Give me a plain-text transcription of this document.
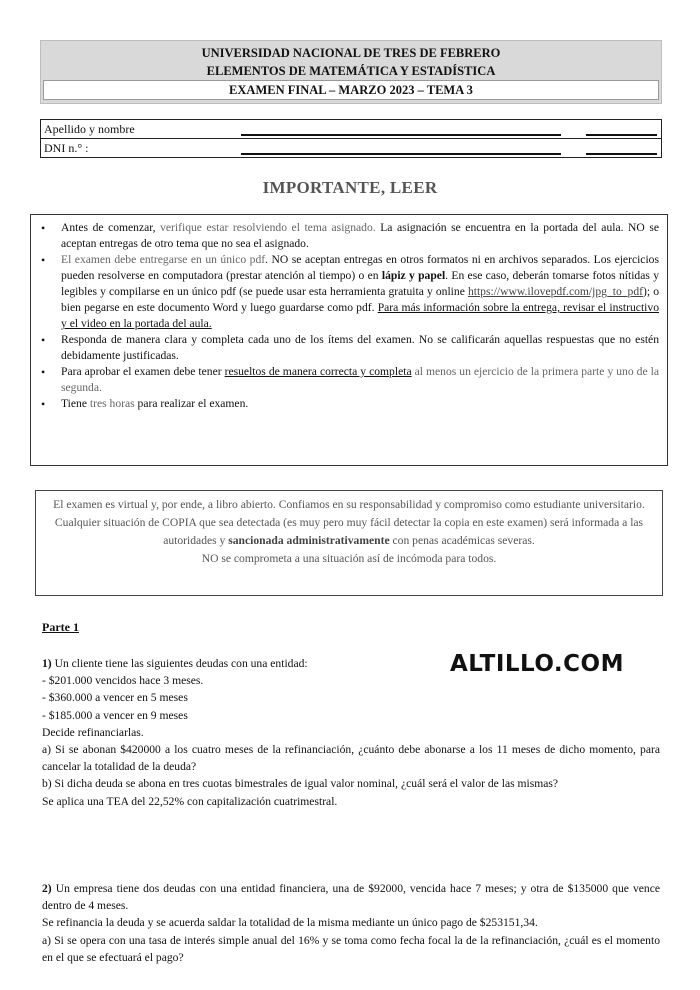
UNIVERSIDAD NACIONAL DE TRES DE FEBRERO
ELEMENTOS DE MATEMÁTICA Y ESTADÍSTICA
EXAMEN FINAL – MARZO 2023 – TEMA 3
Apellido y nombre
DNI n.° :
IMPORTANTE, LEER
• Antes de comenzar, verifique estar resolviendo el tema asignado. La asignación se encuentra en la portada del aula. NO se aceptan entregas de otro tema que no sea el asignado.
• El examen debe entregarse en un único pdf. NO se aceptan entregas en otros formatos ni en archivos separados. Los ejercicios pueden resolverse en computadora (prestar atención al tiempo) o en lápiz y papel. En ese caso, deberán tomarse fotos nítidas y legibles y compilarse en un único pdf (se puede usar esta herramienta gratuita y online https://www.ilovepdf.com/jpg_to_pdf); o bien pegarse en este documento Word y luego guardarse como pdf. Para más información sobre la entrega, revisar el instructivo y el video en la portada del aula.
• Responda de manera clara y completa cada uno de los ítems del examen. No se calificarán aquellas respuestas que no estén debidamente justificadas.
• Para aprobar el examen debe tener resueltos de manera correcta y completa al menos un ejercicio de la primera parte y uno de la segunda.
• Tiene tres horas para realizar el examen.
El examen es virtual y, por ende, a libro abierto. Confiamos en su responsabilidad y compromiso como estudiante universitario. Cualquier situación de COPIA que sea detectada (es muy pero muy fácil detectar la copia en este examen) será informada a las autoridades y sancionada administrativamente con penas académicas severas.
NO se comprometa a una situación así de incómoda para todos.
Parte 1
ALTILLO.COM

1) Un cliente tiene las siguientes deudas con una entidad:

- $201.000 vencidos hace 3 meses.

- $360.000 a vencer en 5 meses

- $185.000 a vencer en 9 meses

Decide refinanciarlas.

a) Si se abonan $420000 a los cuatro meses de la refinanciación, ¿cuánto debe abonarse a los 11 meses de dicho momento, para cancelar la totalidad de la deuda?

b) Si dicha deuda se abona en tres cuotas bimestrales de igual valor nominal, ¿cuál será el valor de las mismas?

Se aplica una TEA del 22,52% con capitalización cuatrimestral.

2) Un empresa tiene dos deudas con una entidad financiera, una de $92000, vencida hace 7 meses; y otra de $135000 que vence dentro de 4 meses.

Se refinancia la deuda y se acuerda saldar la totalidad de la misma mediante un único pago de $253151,34.

a) Si se opera con una tasa de interés simple anual del 16% y se toma como fecha focal la de la refinanciación, ¿cuál es el momento en el que se efectuará el pago?
